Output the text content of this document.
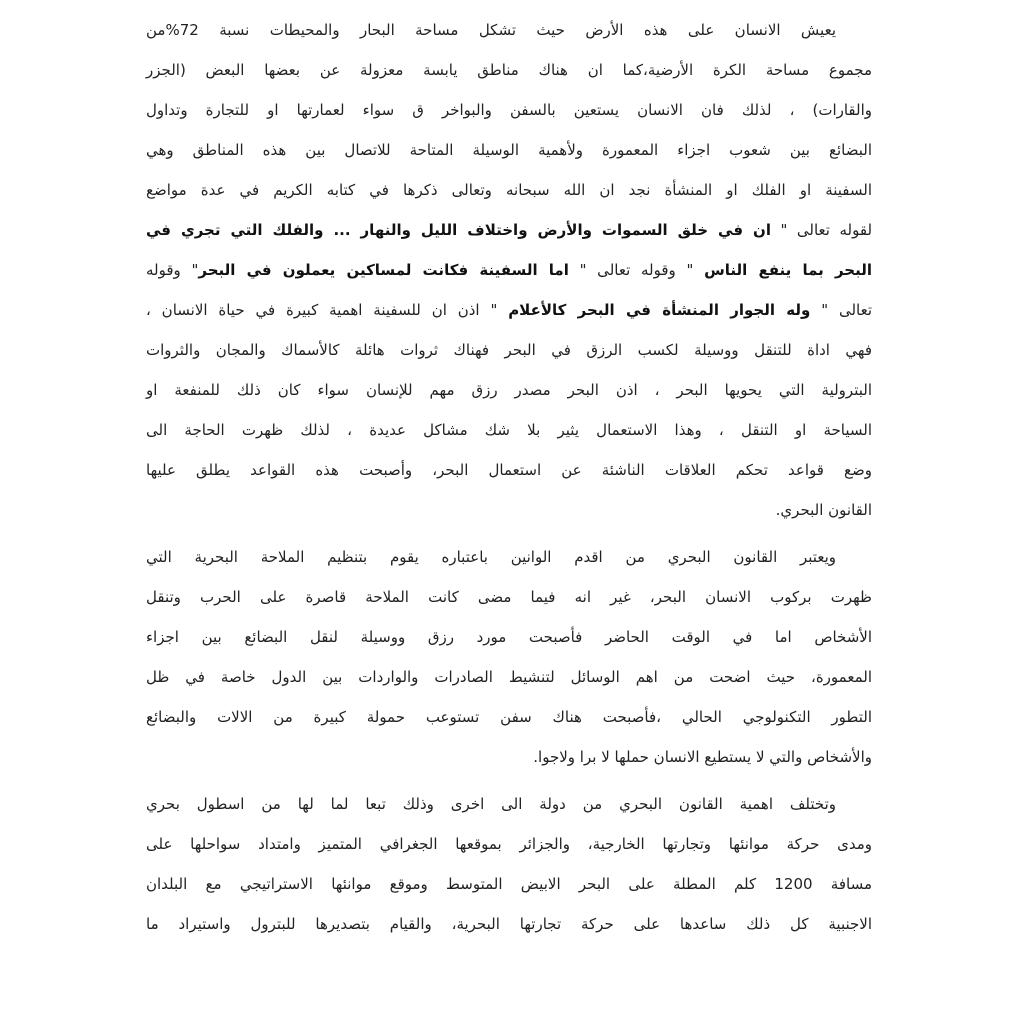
يعيش الانسان على هذه الأرض حيث تشكل مساحة البحار والمحيطات نسبة 72%من
مجموع مساحة الكرة الأرضية،كما ان هناك مناطق يابسة معزولة عن بعضها البعض (الجزر
والقارات) ، لذلك فان الانسان يستعين بالسفن والبواخر ق سواء لعمارتها او للتجارة وتداول
البضائع بين شعوب اجزاء المعمورة ولأهمية الوسيلة المتاحة للاتصال بين هذه المناطق وهي
السفينة او الفلك او المنشأة نجد ان الله سبحانه وتعالى ذكرها في كتابه الكريم في عدة مواضع
لقوله تعالى " ان في خلق السموات والأرض واختلاف الليل والنهار ... والفلك التي تجري في
البحر بما ينفع الناس " وقوله تعالى " اما السفينة فكانت لمساكين يعملون في البحر" وقوله
تعالى " وله الجوار المنشأة في البحر كالأعلام " اذن ان للسفينة اهمية كبيرة في حياة الانسان ،
فهي اداة للتنقل ووسيلة لكسب الرزق في البحر فهناك ثروات هائلة كالأسماك والمجان والثروات
البترولية التي يحويها البحر ، اذن البحر مصدر رزق مهم للإنسان سواء كان ذلك للمنفعة او
السياحة او التنقل ، وهذا الاستعمال يثير بلا شك مشاكل عديدة ، لذلك ظهرت الحاجة الى
وضع قواعد تحكم العلاقات الناشئة عن استعمال البحر، وأصبحت هذه القواعد يطلق عليها
القانون البحري.
ويعتبر القانون البحري من اقدم الوانين باعتباره يقوم بتنظيم الملاحة البحرية التي
ظهرت بركوب الانسان البحر، غير انه فيما مضى كانت الملاحة قاصرة على الحرب وتنقل
الأشخاص اما في الوقت الحاضر فأصبحت مورد رزق ووسيلة لنقل البضائع بين اجزاء
المعمورة، حيث اضحت من اهم الوسائل لتنشيط الصادرات والواردات بين الدول خاصة في ظل
التطور التكنولوجي الحالي ،فأصبحت هناك سفن تستوعب حمولة كبيرة من الالات والبضائع
والأشخاص والتي لا يستطيع الانسان حملها لا برا ولاجوا.
وتختلف اهمية القانون البحري من دولة الى اخرى وذلك تبعا لما لها من اسطول بحري
ومدى حركة موانئها وتجارتها الخارجية، والجزائر بموقعها الجغرافي المتميز وامتداد سواحلها على
مسافة 1200 كلم المطلة على البحر الابيض المتوسط وموقع موانئها الاستراتيجي مع البلدان
الاجنبية كل ذلك ساعدها على حركة تجارتها البحرية، والقيام بتصديرها للبترول واستيراد ما
